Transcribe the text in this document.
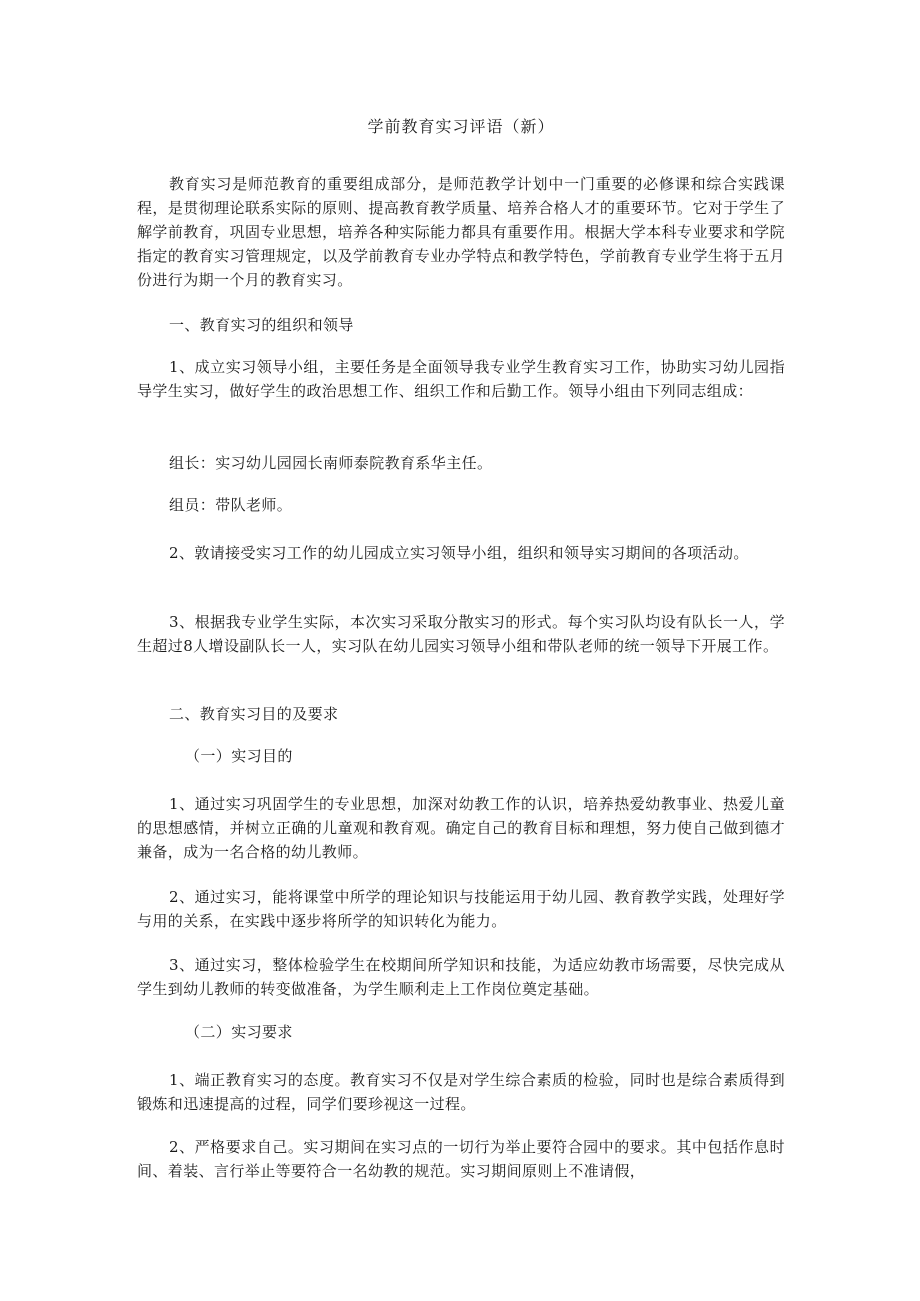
学前教育实习评语（新）

教育实习是师范教育的重要组成部分，是师范教学计划中一门重要的必修课和综合实践课程，是贯彻理论联系实际的原则、提高教育教学质量、培养合格人才的重要环节。它对于学生了解学前教育，巩固专业思想，培养各种实际能力都具有重要作用。根据大学本科专业要求和学院指定的教育实习管理规定，以及学前教育专业办学特点和教学特色，学前教育专业学生将于五月份进行为期一个月的教育实习。

一、教育实习的组织和领导

1、成立实习领导小组，主要任务是全面领导我专业学生教育实习工作，协助实习幼儿园指导学生实习，做好学生的政治思想工作、组织工作和后勤工作。领导小组由下列同志组成：

组长：实习幼儿园园长南师泰院教育系华主任。

组员：带队老师。

2、敦请接受实习工作的幼儿园成立实习领导小组，组织和领导实习期间的各项活动。

3、根据我专业学生实际，本次实习采取分散实习的形式。每个实习队均设有队长一人，学生超过8人增设副队长一人，实习队在幼儿园实习领导小组和带队老师的统一领导下开展工作。

二、教育实习目的及要求

（一）实习目的

1、通过实习巩固学生的专业思想，加深对幼教工作的认识，培养热爱幼教事业、热爱儿童的思想感情，并树立正确的儿童观和教育观。确定自己的教育目标和理想，努力使自己做到德才兼备，成为一名合格的幼儿教师。

2、通过实习，能将课堂中所学的理论知识与技能运用于幼儿园、教育教学实践，处理好学与用的关系，在实践中逐步将所学的知识转化为能力。

3、通过实习，整体检验学生在校期间所学知识和技能，为适应幼教市场需要，尽快完成从学生到幼儿教师的转变做准备，为学生顺利走上工作岗位奠定基础。

（二）实习要求

1、端正教育实习的态度。教育实习不仅是对学生综合素质的检验，同时也是综合素质得到锻炼和迅速提高的过程，同学们要珍视这一过程。

2、严格要求自己。实习期间在实习点的一切行为举止要符合园中的要求。其中包括作息时间、着装、言行举止等要符合一名幼教的规范。实习期间原则上不准请假，
